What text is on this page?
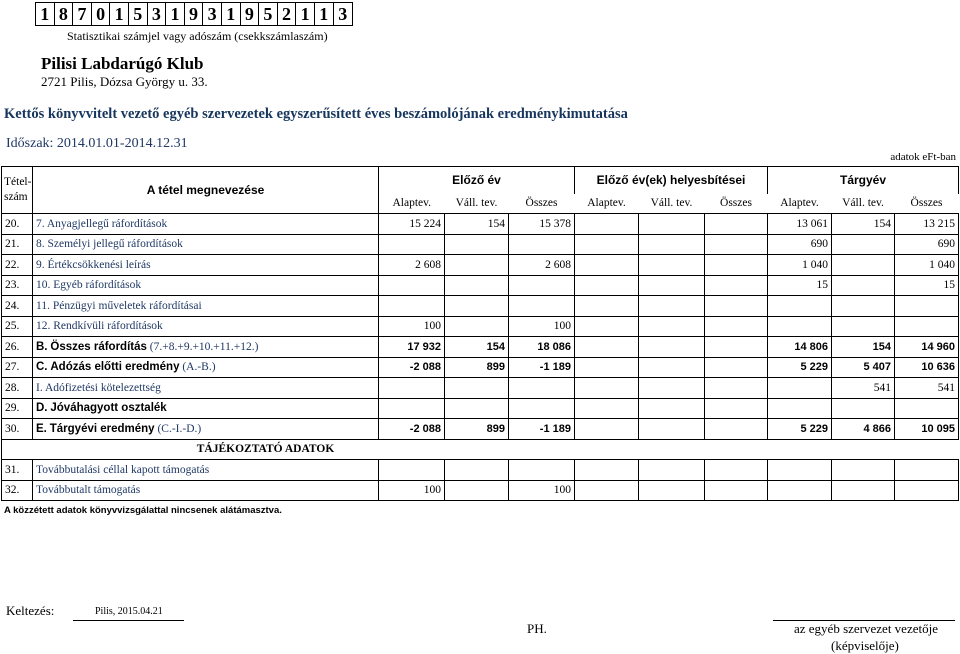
1 8 7 0 1 5 3 1 9 3 1 9 5 2 1 1 3
Statisztikai számjel vagy adószám (csekkszámlaszám)
Pilisi Labdarúgó Klub
2721 Pilis, Dózsa György u. 33.
Kettős könyvvitelt vezető egyéb szervezetek egyszerűsített éves beszámolójának eredménykimutatása
Időszak: 2014.01.01-2014.12.31
adatok eFt-ban
Tétel-szám	A tétel megnevezése	Előző év			Előző év(ek) helyesbítései			Tárgyév		
		Alaptev.	Váll. tev.	Összes	Alaptev.	Váll. tev.	Összes	Alaptev.	Váll. tev.	Összes
20.	7. Anyagjellegű ráfordítások	15 224	154	15 378				13 061	154	13 215
21.	8. Személyi jellegű ráfordítások							690		690
22.	9. Értékcsökkenési leírás	2 608		2 608				1 040		1 040
23.	10. Egyéb ráfordítások							15		15
24.	11. Pénzügyi műveletek ráfordításai									
25.	12. Rendkívüli ráfordítások	100		100						
26.	B. Összes ráfordítás (7.+8.+9.+10.+11.+12.)	17 932	154	18 086				14 806	154	14 960
27.	C. Adózás előtti eredmény (A.-B.)	-2 088	899	-1 189				5 229	5 407	10 636
28.	I. Adófizetési kötelezettség								541	541
29.	D. Jóváhagyott osztalék									
30.	E. Tárgyévi eredmény (C.-I.-D.)	-2 088	899	-1 189				5 229	4 866	10 095
	TÁJÉKOZTATÓ ADATOK									
31.	Továbbutalási céllal kapott támogatás									
32.	Továbbutalt támogatás	100		100						
A közzétett adatok könyvvizsgálattal nincsenek alátámasztva.
Keltezés:	Pilis, 2015.04.21
PH.	az egyéb szervezet vezetője
(képviselője)
